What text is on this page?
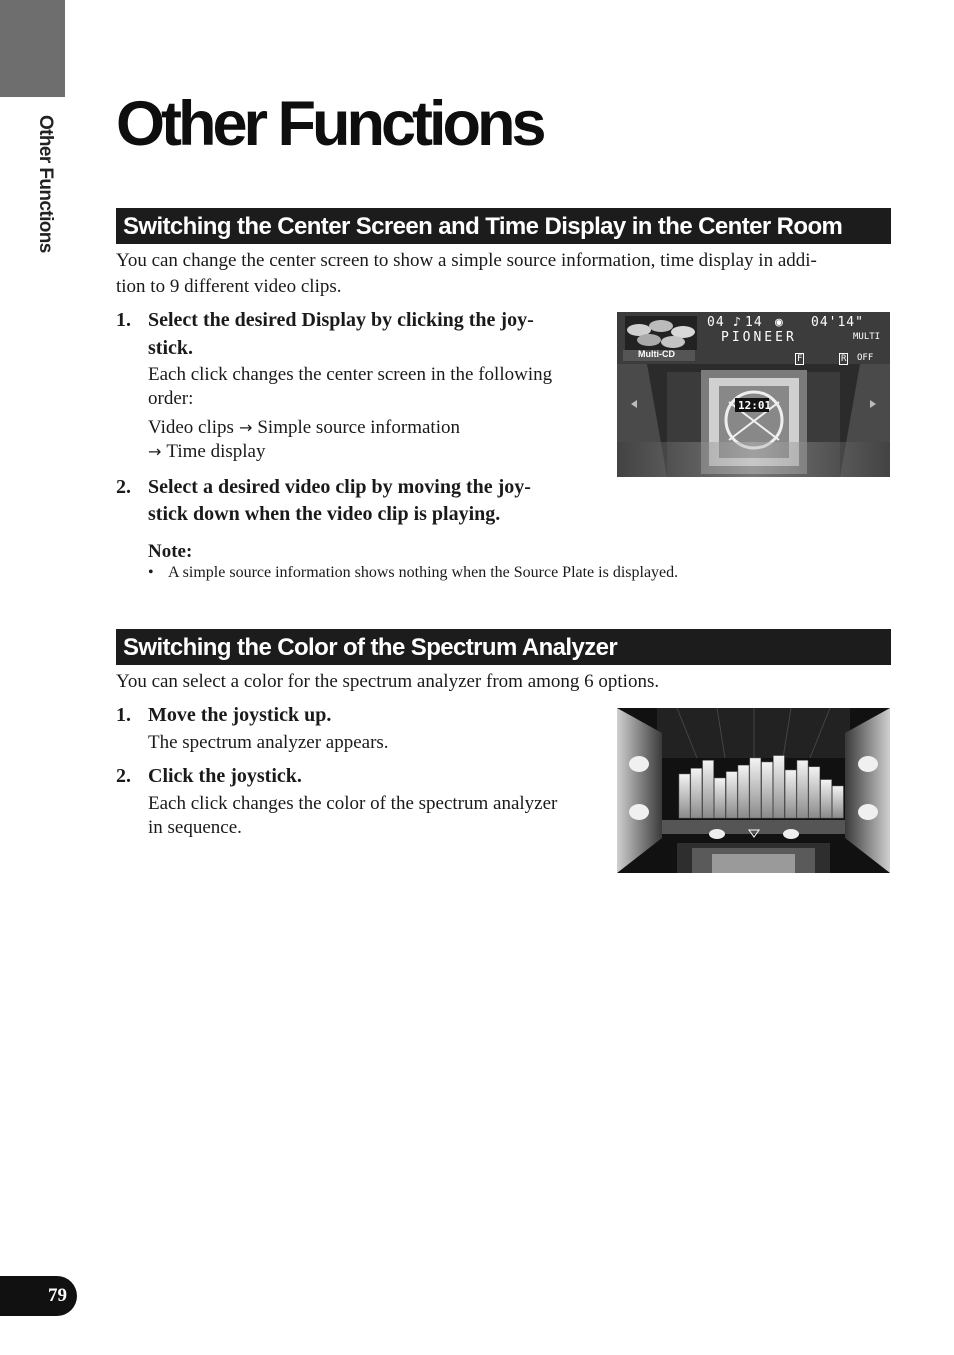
Other Functions Other Functions
Switching the Center Screen and Time Display in the Center Room
You can change the center screen to show a simple source information, time display in addi-
tion to 9 different video clips.
1. Select the desired Display by clicking the joy-
stick.
Each click changes the center screen in the following
order:
Video clips → Simple source information
→ Time display
2. Select a desired video clip by moving the joy-
stick down when the video clip is playing.
Note:
• A simple source information shows nothing when the Source Plate is displayed.
Multi-CD
04 ♪ 14 ◉ 04'14"
PIONEER	MULTI
F	R OFF
12:01
Switching the Color of the Spectrum Analyzer
You can select a color for the spectrum analyzer from among 6 options.
1. Move the joystick up.
The spectrum analyzer appears.
2. Click the joystick.
Each click changes the color of the spectrum analyzer
in sequence.
79
